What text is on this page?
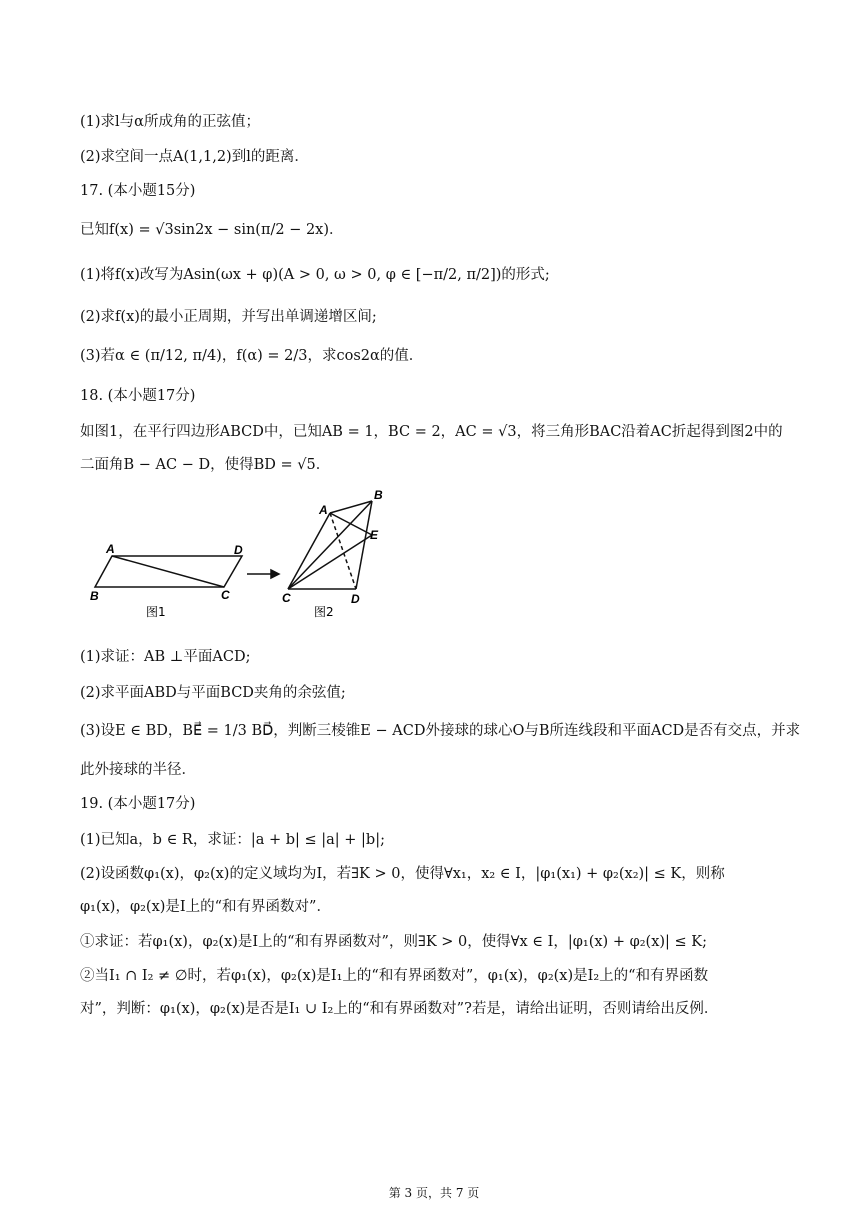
(1)求l与α所成角的正弦值；
(2)求空间一点A(1,1,2)到l的距离．
17. (本小题15分)
已知f(x) = √3sin2x − sin(π/2 − 2x)．
(1)将f(x)改写为Asin(ωx + φ)(A > 0, ω > 0, φ ∈ [−π/2, π/2])的形式;
(2)求f(x)的最小正周期，并写出单调递增区间;
(3)若α ∈ (π/12, π/4)，f(α) = 2/3，求cos2α的值．
18. (本小题17分)
如图1，在平行四边形ABCD中，已知AB = 1，BC = 2，AC = √3，将三角形BAC沿着AC折起得到图2中的
二面角B − AC − D，使得BD = √5．
A	D
B	C
图1
A
B
E
C	D
图2
(1)求证：AB ⊥平面ACD;
(2)求平面ABD与平面BCD夹角的余弦值;
(3)设E ∈ BD，BE⃗ = 1/3 BD⃗，判断三棱锥E − ACD外接球的球心O与B所连线段和平面ACD是否有交点，并求
此外接球的半径．
19. (本小题17分)
(1)已知a，b ∈ R，求证：|a + b| ≤ |a| + |b|;
(2)设函数φ₁(x)，φ₂(x)的定义域均为I，若∃K > 0，使得∀x₁，x₂ ∈ I，|φ₁(x₁) + φ₂(x₂)| ≤ K，则称
φ₁(x)，φ₂(x)是I上的“和有界函数对”．
①求证：若φ₁(x)，φ₂(x)是I上的“和有界函数对”，则∃K > 0，使得∀x ∈ I，|φ₁(x) + φ₂(x)| ≤ K;
②当I₁ ∩ I₂ ≠ ∅时，若φ₁(x)，φ₂(x)是I₁上的“和有界函数对”，φ₁(x)，φ₂(x)是I₂上的“和有界函数
对”，判断：φ₁(x)，φ₂(x)是否是I₁ ∪ I₂上的“和有界函数对”?若是，请给出证明，否则请给出反例．
第 3 页，共 7 页
